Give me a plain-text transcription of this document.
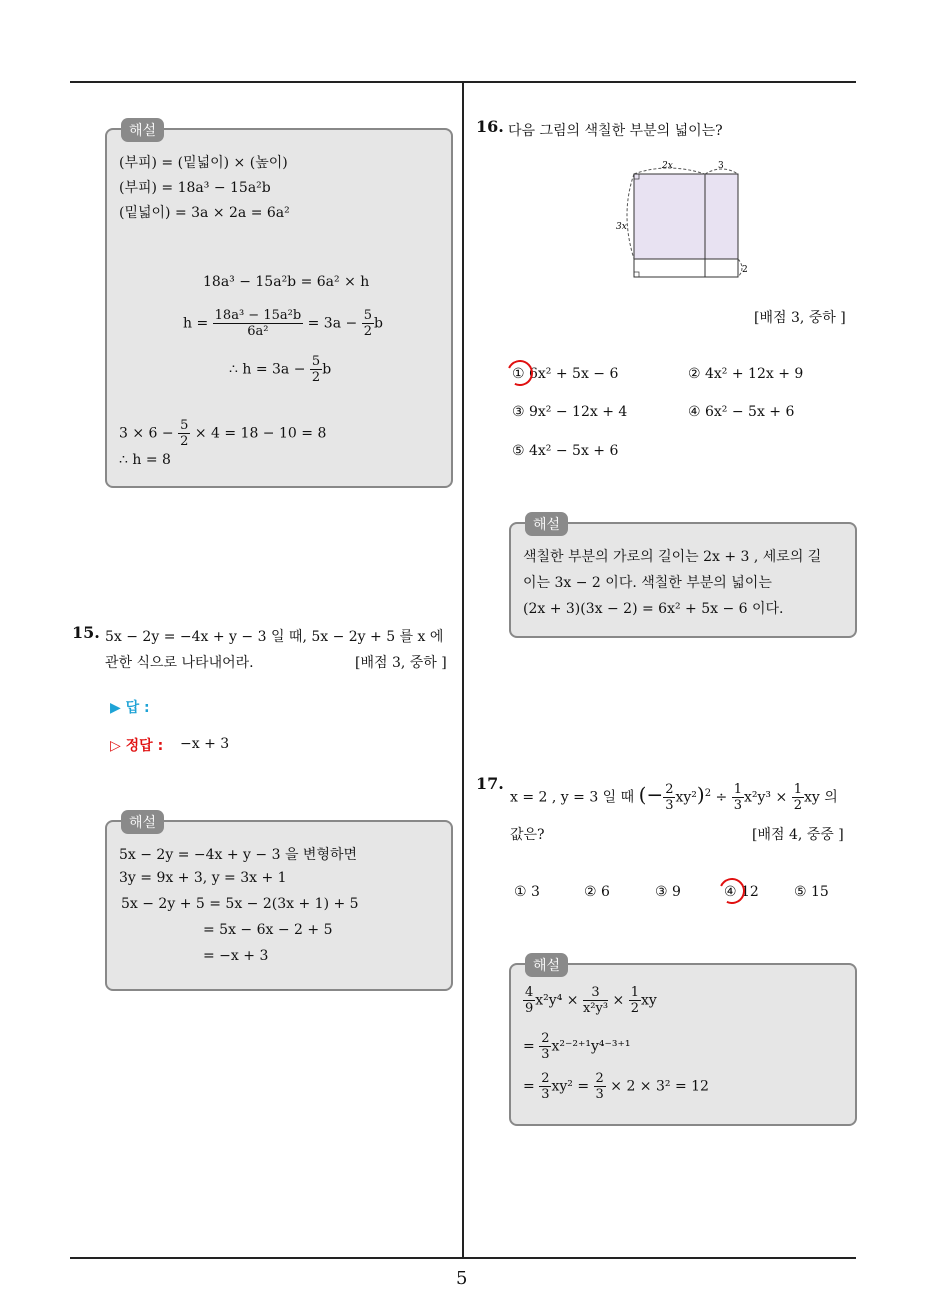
5
해설
(부피) = (밑넓이) × (높이)
(부피) = 18a³ − 15a²b
(밑넓이) = 3a × 2a = 6a²
18a³ − 15a²b = 6a² × h
$h = \frac{\text{18a³ − 15a²b}}{\text{6a²}} = 3a - \frac{5}{2}$ b
∴ $h = 3a - \frac{5}{2}$ b
$3 \times 6 - \frac{5}{2} \times 4 = 18 - 10 = 8$
∴ h = 8
15. 5x − 2y = −4x + y − 3 일 때, 5x − 2y + 5 를 x 에
관한 식으로 나타내어라.	[배점 3, 중하 ]
▶ 답 :
▷ 정답 : −x + 3
해설
5x − 2y = −4x + y − 3 을 변형하면
3y = 9x + 3, y = 3x + 1
5x − 2y + 5 = 5x − 2(3x + 1) + 5
= 5x − 6x − 2 + 5
= −x + 3
16. 다음 그림의 색칠한 부분의 넓이는?
2x	3
3x
2
[배점 3, 중하 ]
① 6x² + 5x − 6	② 4x² + 12x + 9
③ 9x² − 12x + 4	④ 6x² − 5x + 6
⑤ 4x² − 5x + 6
해설
색칠한 부분의 가로의 길이는 2x + 3 , 세로의 길
이는 3x − 2 이다. 색칠한 부분의 넓이는
(2x + 3)(3x − 2) = 6x² + 5x − 6 이다.
17.
x = 2 , y = 3 일 때 (− $\frac{2}{3} xy^2)^2 \div \frac{1}{3} x^2y^3 \times \frac{1}{2}$ xy 의
값은?	[배점 4, 중중 ]
① 3	② 6	③ 9	④ 12	⑤ 15
해설
$\frac{4}{9} x^2y^4 \times \frac{3}{\text{x²y³}} \times \frac{1}{2}$ xy
= $\frac{2}{3} x^{2-2+1}y^{4-3+1}$
= $\frac{2}{3} xy^2 = \frac{2}{3} \times 2 \times 3^2 = 12$
